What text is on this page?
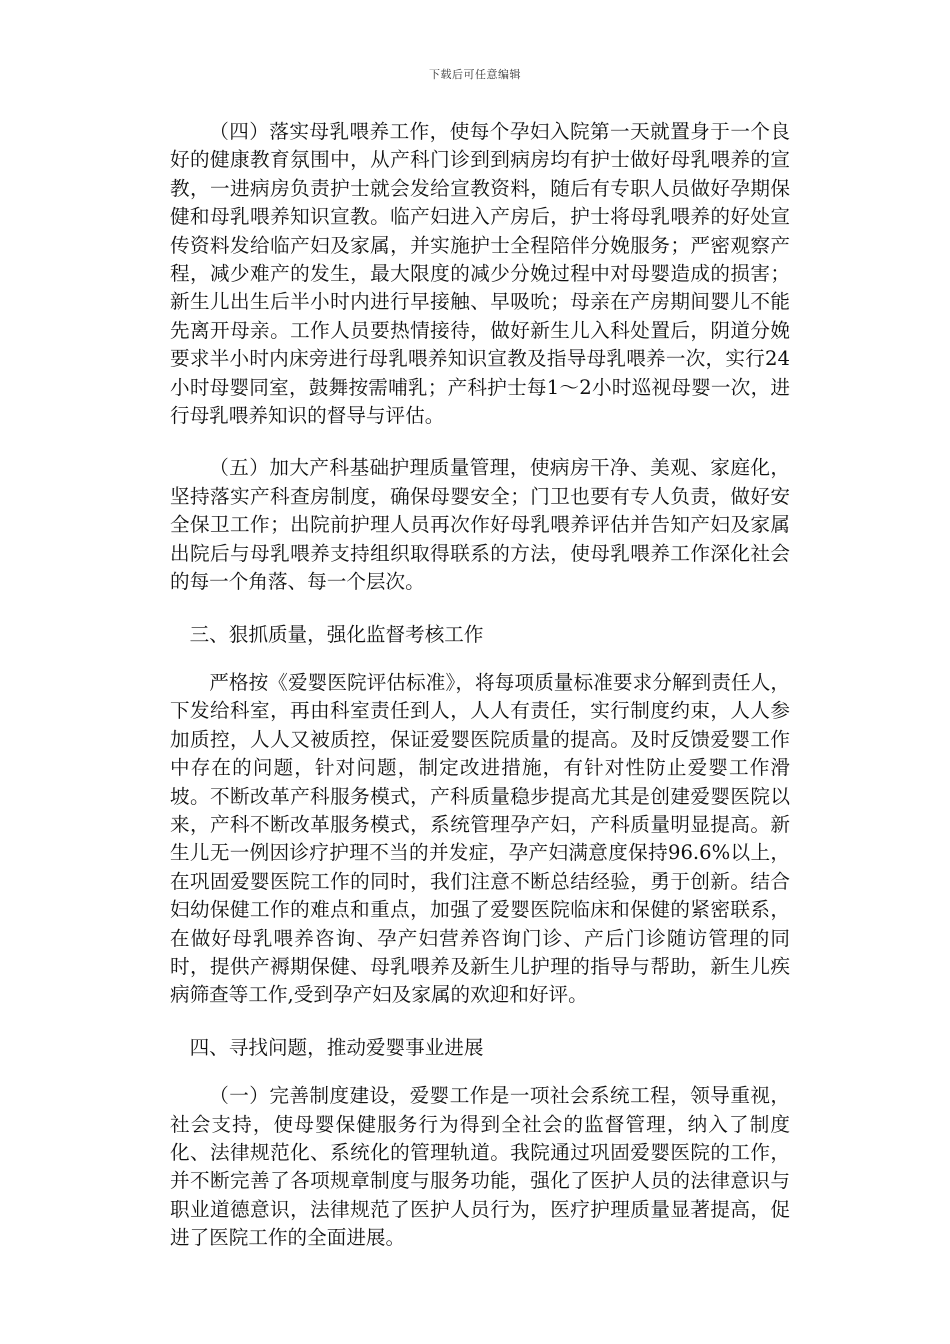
下载后可任意编辑

（四）落实母乳喂养工作，使每个孕妇入院第一天就置身于一个良好的健康教育氛围中，从产科门诊到到病房均有护士做好母乳喂养的宣教，一进病房负责护士就会发给宣教资料，随后有专职人员做好孕期保健和母乳喂养知识宣教。临产妇进入产房后，护士将母乳喂养的好处宣传资料发给临产妇及家属，并实施护士全程陪伴分娩服务；严密观察产程，减少难产的发生，最大限度的减少分娩过程中对母婴造成的损害；新生儿出生后半小时内进行早接触、早吸吮；母亲在产房期间婴儿不能先离开母亲。工作人员要热情接待，做好新生儿入科处置后，阴道分娩要求半小时内床旁进行母乳喂养知识宣教及指导母乳喂养一次，实行24小时母婴同室，鼓舞按需哺乳；产科护士每1～2小时巡视母婴一次，进行母乳喂养知识的督导与评估。

（五）加大产科基础护理质量管理，使病房干净、美观、家庭化，坚持落实产科查房制度，确保母婴安全；门卫也要有专人负责，做好安全保卫工作；出院前护理人员再次作好母乳喂养评估并告知产妇及家属出院后与母乳喂养支持组织取得联系的方法，使母乳喂养工作深化社会的每一个角落、每一个层次。

三、狠抓质量，强化监督考核工作

严格按《爱婴医院评估标准》，将每项质量标准要求分解到责任人，下发给科室，再由科室责任到人，人人有责任，实行制度约束，人人参加质控，人人又被质控，保证爱婴医院质量的提高。及时反馈爱婴工作中存在的问题，针对问题，制定改进措施，有针对性防止爱婴工作滑坡。不断改革产科服务模式，产科质量稳步提高尤其是创建爱婴医院以来，产科不断改革服务模式，系统管理孕产妇，产科质量明显提高。新生儿无一例因诊疗护理不当的并发症，孕产妇满意度保持96.6%以上，在巩固爱婴医院工作的同时，我们注意不断总结经验，勇于创新。结合妇幼保健工作的难点和重点，加强了爱婴医院临床和保健的紧密联系，在做好母乳喂养咨询、孕产妇营养咨询门诊、产后门诊随访管理的同时，提供产褥期保健、母乳喂养及新生儿护理的指导与帮助，新生儿疾病筛查等工作,受到孕产妇及家属的欢迎和好评。

四、寻找问题，推动爱婴事业进展

（一）完善制度建设，爱婴工作是一项社会系统工程，领导重视，社会支持，使母婴保健服务行为得到全社会的监督管理，纳入了制度化、法律规范化、系统化的管理轨道。我院通过巩固爱婴医院的工作，并不断完善了各项规章制度与服务功能，强化了医护人员的法律意识与职业道德意识，法律规范了医护人员行为，医疗护理质量显著提高，促进了医院工作的全面进展。
